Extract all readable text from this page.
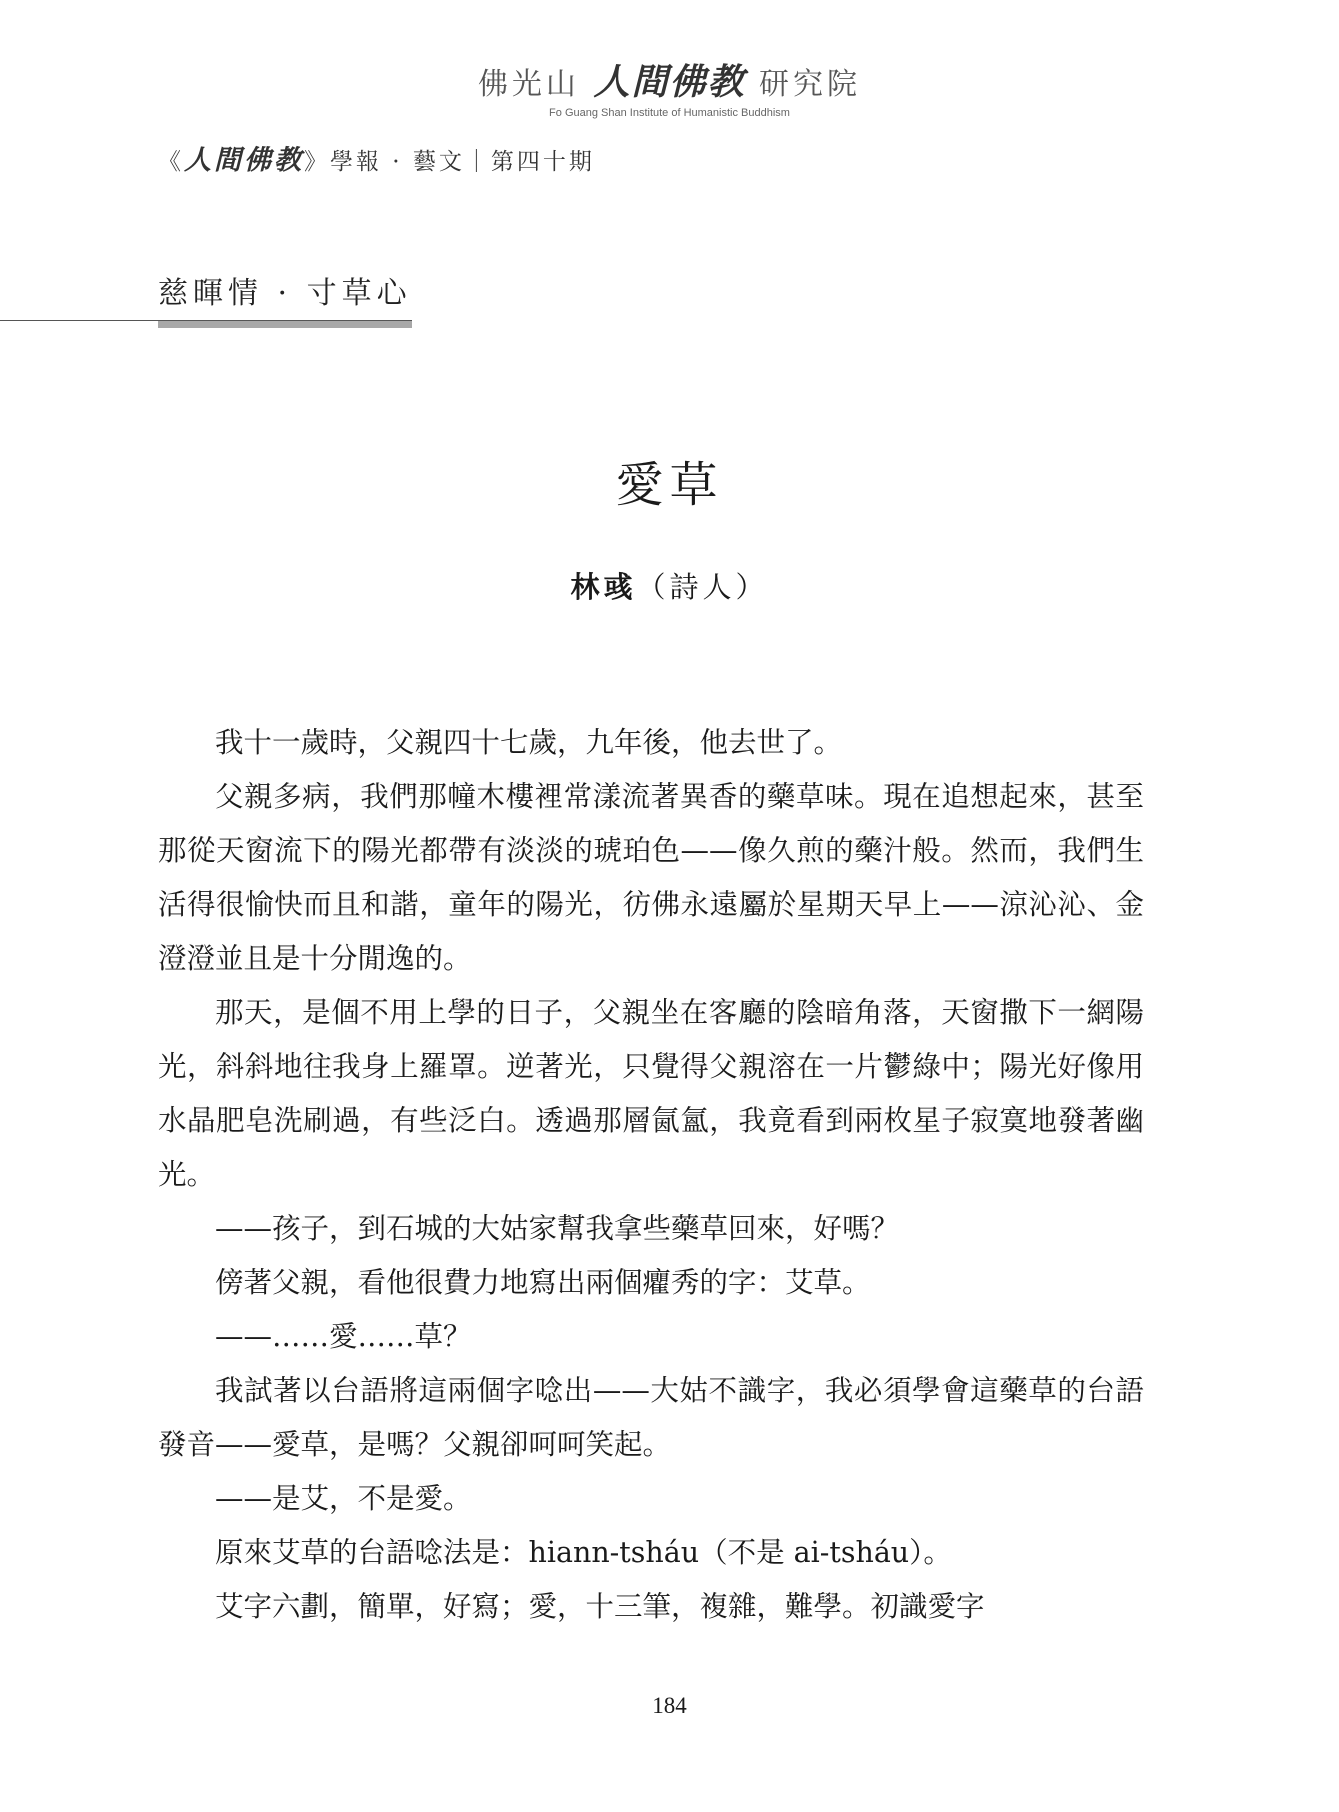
佛光山 人間佛教 研究院
Fo Guang Shan Institute of Humanistic Buddhism
《人間佛教》學報 · 藝文｜第四十期
慈暉情 · 寸草心
愛草
林彧（詩人）

我十一歲時，父親四十七歲，九年後，他去世了。

父親多病，我們那幢木樓裡常漾流著異香的藥草味。現在追想起來，甚至那從天窗流下的陽光都帶有淡淡的琥珀色——像久煎的藥汁般。然而，我們生活得很愉快而且和諧，童年的陽光，彷佛永遠屬於星期天早上——涼沁沁、金澄澄並且是十分閒逸的。

那天，是個不用上學的日子，父親坐在客廳的陰暗角落，天窗撒下一網陽光，斜斜地往我身上羅罩。逆著光，只覺得父親溶在一片鬱綠中；陽光好像用水晶肥皂洗刷過，有些泛白。透過那層氤氳，我竟看到兩枚星子寂寞地發著幽光。

——孩子，到石城的大姑家幫我拿些藥草回來，好嗎？

傍著父親，看他很費力地寫出兩個癯秀的字：艾草。

——……愛……草？

我試著以台語將這兩個字唸出——大姑不識字，我必須學會這藥草的台語發音——愛草，是嗎？父親卻呵呵笑起。

——是艾，不是愛。

原來艾草的台語唸法是：hiann-tsháu（不是 ai-tsháu）。

艾字六劃，簡單，好寫；愛，十三筆，複雜，難學。初識愛字

184
